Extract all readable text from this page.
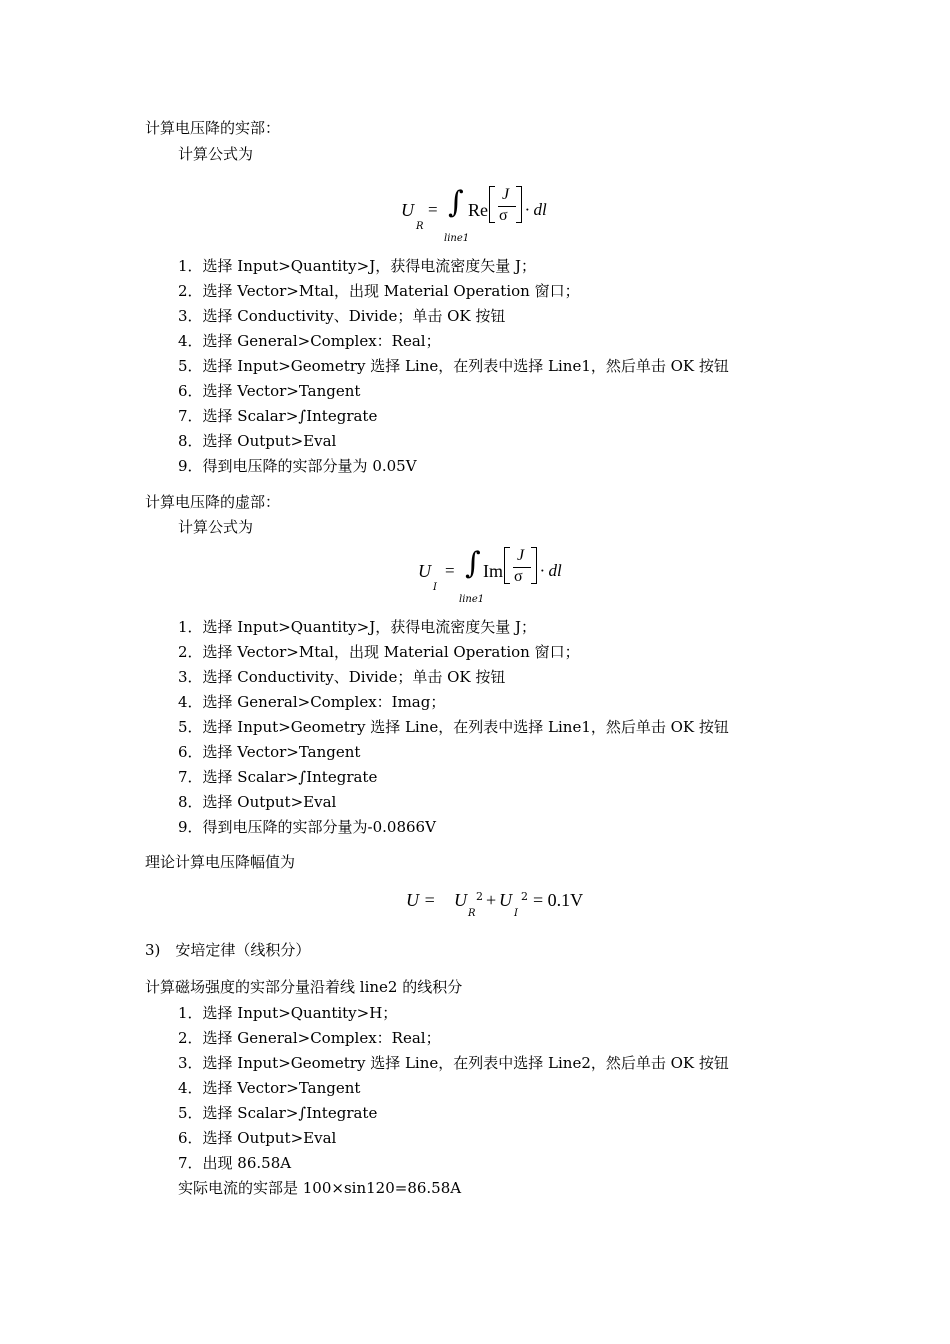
计算电压降的实部：
计算公式为
U
R
= ∫
line1
Re
J
σ · dl
1．选择 Input>Quantity>J，获得电流密度矢量 J；
2．选择 Vector>Mtal，出现 Material Operation 窗口；
3．选择 Conductivity、Divide；单击 OK 按钮
4．选择 General>Complex：Real；
5．选择 Input>Geometry 选择 Line，在列表中选择 Line1，然后单击 OK 按钮
6．选择 Vector>Tangent
7．选择 Scalar>∫Integrate
8．选择 Output>Eval
9．得到电压降的实部分量为 0.05V
计算电压降的虚部：
计算公式为
U
I
= ∫
line1
Im
J
σ · dl
1．选择 Input>Quantity>J，获得电流密度矢量 J；
2．选择 Vector>Mtal，出现 Material Operation 窗口；
3．选择 Conductivity、Divide；单击 OK 按钮
4．选择 General>Complex：Imag；
5．选择 Input>Geometry 选择 Line，在列表中选择 Line1，然后单击 OK 按钮
6．选择 Vector>Tangent
7．选择 Scalar>∫Integrate
8．选择 Output>Eval
9．得到电压降的实部分量为-0.0866V
理论计算电压降幅值为
U = U 2
R
+ U 2
I
= 0.1V
3)　安培定律（线积分）
计算磁场强度的实部分量沿着线 line2 的线积分
1．选择 Input>Quantity>H；
2．选择 General>Complex：Real；
3．选择 Input>Geometry 选择 Line，在列表中选择 Line2，然后单击 OK 按钮
4．选择 Vector>Tangent
5．选择 Scalar>∫Integrate
6．选择 Output>Eval
7．出现 86.58A
实际电流的实部是 100×sin120=86.58A
